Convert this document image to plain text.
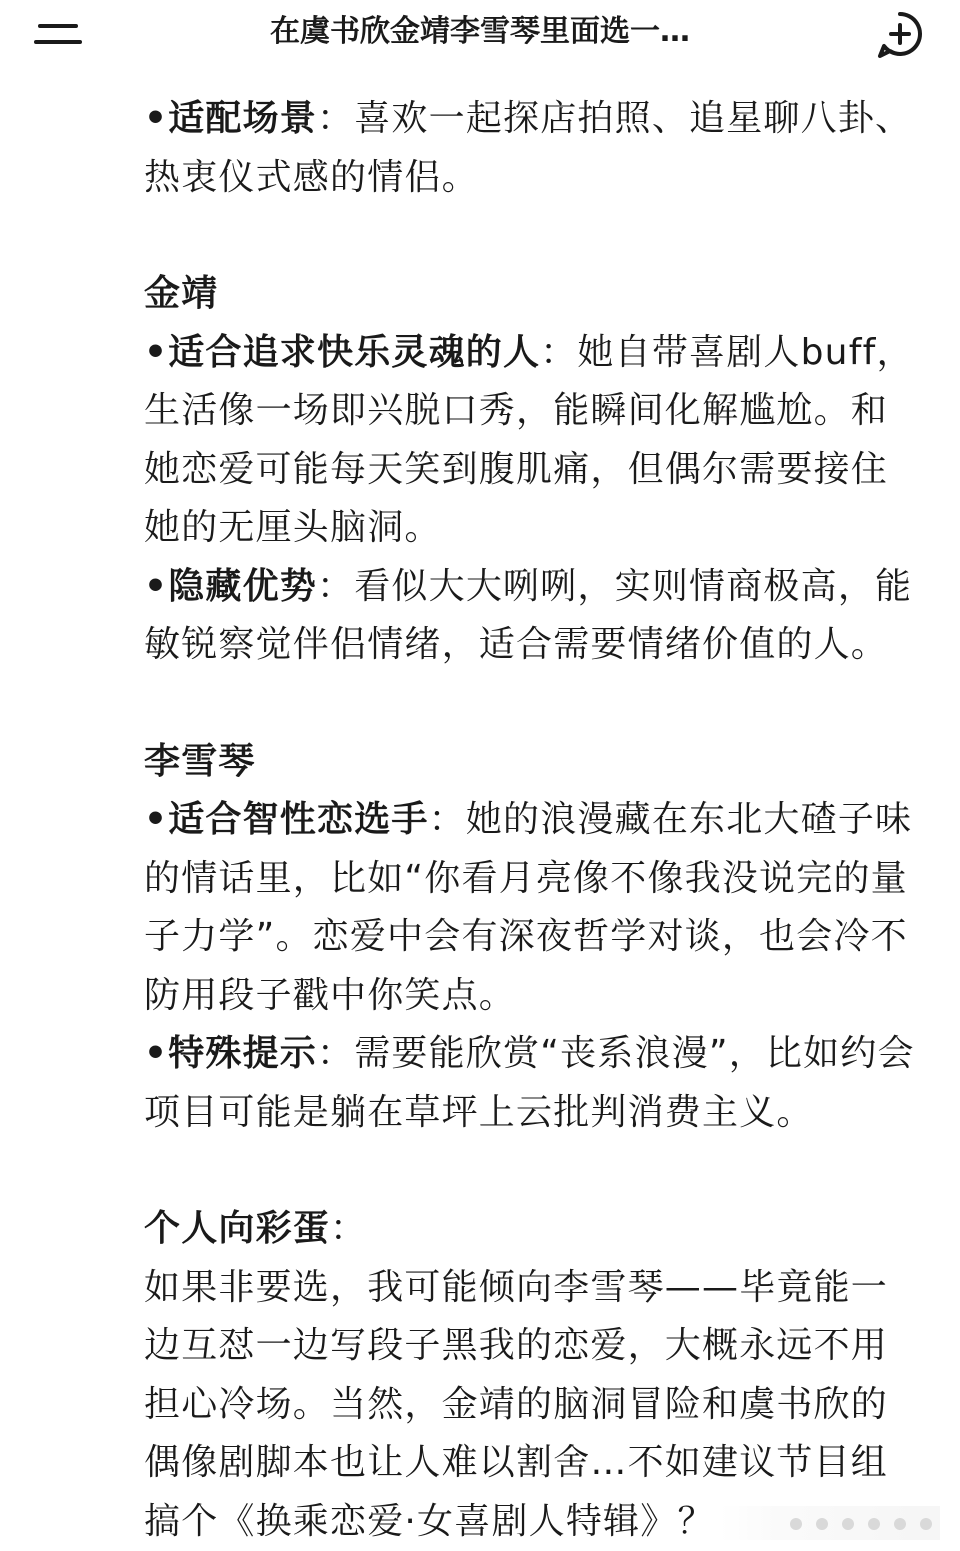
在虞书欣金靖李雪琴里面选一…

•适配场景：喜欢一起探店拍照、追星聊八卦、热衷仪式感的情侣。

金靖

•适合追求快乐灵魂的人：她自带喜剧人buff，生活像一场即兴脱口秀，能瞬间化解尴尬。和她恋爱可能每天笑到腹肌痛，但偶尔需要接住她的无厘头脑洞。

•隐藏优势：看似大大咧咧，实则情商极高，能敏锐察觉伴侣情绪，适合需要情绪价值的人。

李雪琴

•适合智性恋选手：她的浪漫藏在东北大碴子味的情话里，比如“你看月亮像不像我没说完的量子力学”。恋爱中会有深夜哲学对谈，也会冷不防用段子戳中你笑点。

•特殊提示：需要能欣赏“丧系浪漫”，比如约会项目可能是躺在草坪上云批判消费主义。

个人向彩蛋：

如果非要选，我可能倾向李雪琴——毕竟能一边互怼一边写段子黑我的恋爱，大概永远不用担心冷场。当然，金靖的脑洞冒险和虞书欣的偶像剧脚本也让人难以割舍…不如建议节目组搞个《换乘恋爱·女喜剧人特辑》？
